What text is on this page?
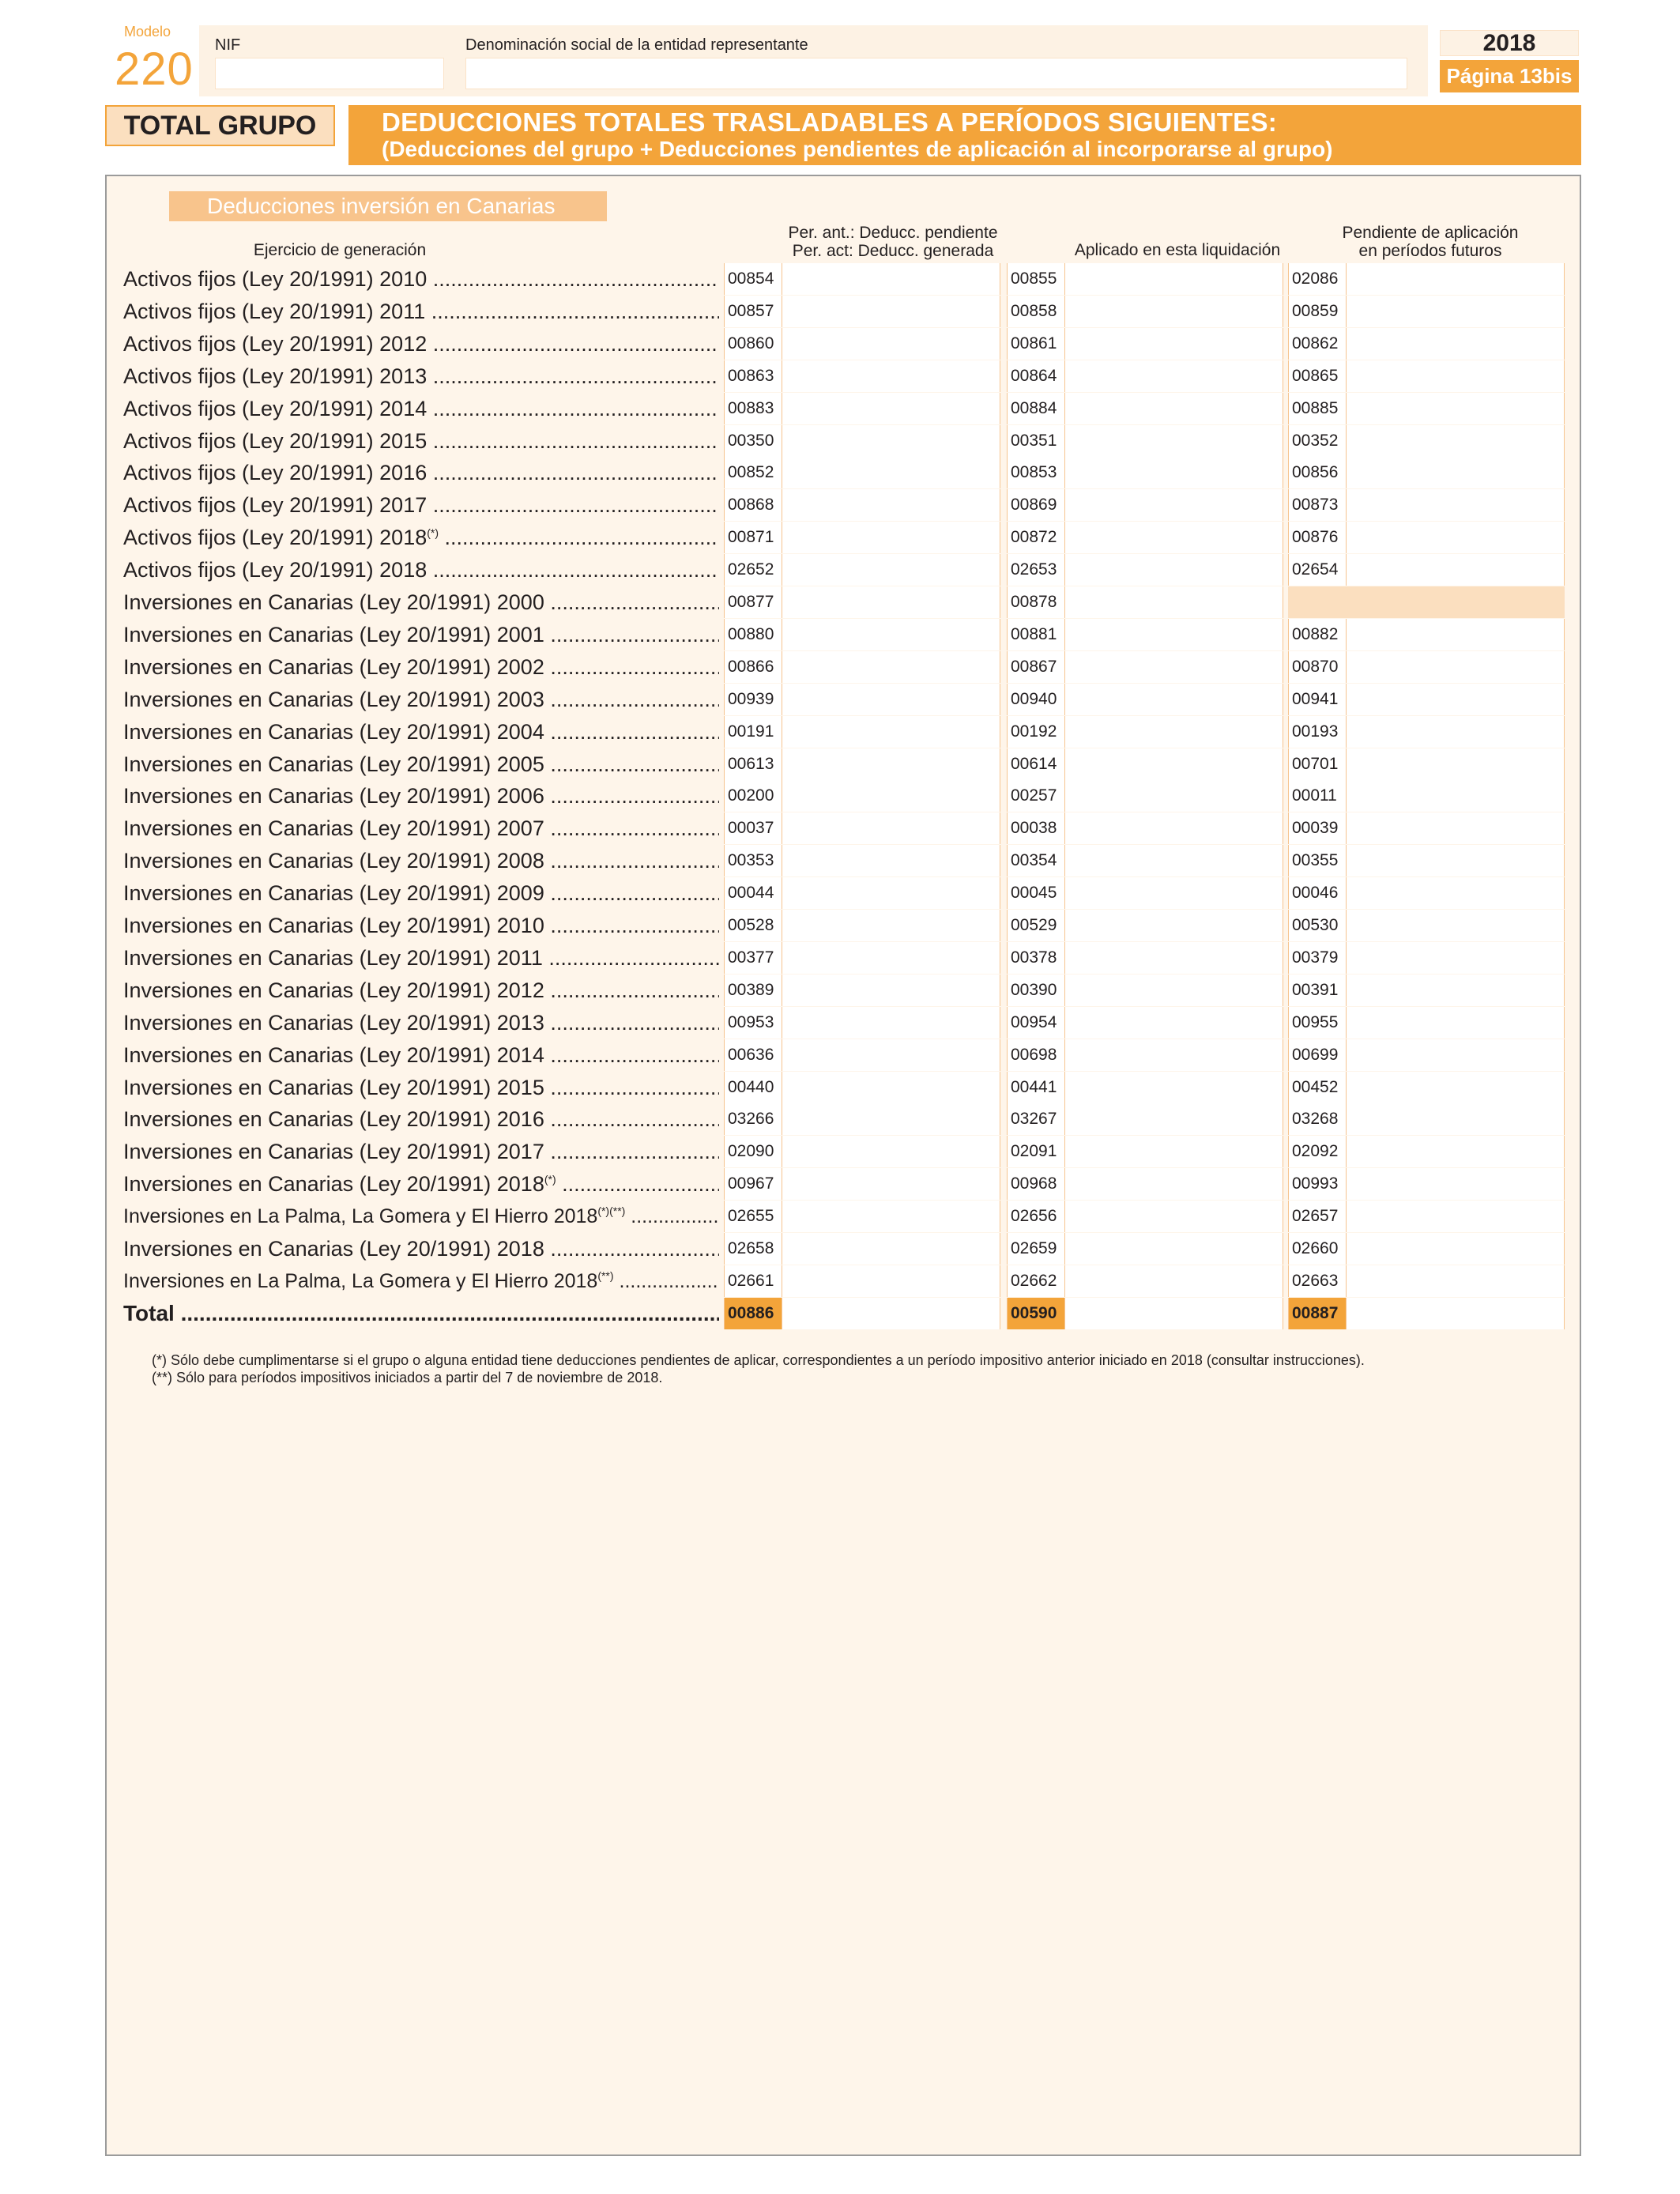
Modelo
220 NIF	Denominación social de la entidad representante	2018
Página 13bis
TOTAL GRUPO	DEDUCCIONES TOTALES TRASLADABLES A PERÍODOS SIGUIENTES:
(Deducciones del grupo + Deducciones pendientes de aplicación al incorporarse al grupo)
Deducciones inversión en Canarias
Ejercicio de generación
Per. ant.: Deducc. pendiente
Per. act: Deducc. generada	Aplicado en esta liquidación
Pendiente de aplicación
en períodos futuros
Activos fijos (Ley 20/1991) 2010 .....	00854	00855	02086
Activos fijos (Ley 20/1991) 2011 .....	00857	00858	00859
Activos fijos (Ley 20/1991) 2012 .....	00860	00861	00862
Activos fijos (Ley 20/1991) 2013 .....	00863	00864	00865
Activos fijos (Ley 20/1991) 2014 .....	00883	00884	00885
Activos fijos (Ley 20/1991) 2015 .....	00350	00351	00352
Activos fijos (Ley 20/1991) 2016 .....	00852	00853	00856
Activos fijos (Ley 20/1991) 2017 .....	00868	00869	00873
Activos fijos (Ley 20/1991) 2018(*) .....	00871	00872	00876
Activos fijos (Ley 20/1991) 2018 .....	02652	02653	02654
Inversiones en Canarias (Ley 20/1991) 2000 .....	00877	00878
Inversiones en Canarias (Ley 20/1991) 2001 .....	00880	00881	00882
Inversiones en Canarias (Ley 20/1991) 2002 .....	00866	00867	00870
Inversiones en Canarias (Ley 20/1991) 2003 .....	00939	00940	00941
Inversiones en Canarias (Ley 20/1991) 2004 .....	00191	00192	00193
Inversiones en Canarias (Ley 20/1991) 2005 .....	00613	00614	00701
Inversiones en Canarias (Ley 20/1991) 2006 .....	00200	00257	00011
Inversiones en Canarias (Ley 20/1991) 2007 .....	00037	00038	00039
Inversiones en Canarias (Ley 20/1991) 2008 .....	00353	00354	00355
Inversiones en Canarias (Ley 20/1991) 2009 .....	00044	00045	00046
Inversiones en Canarias (Ley 20/1991) 2010 .....	00528	00529	00530
Inversiones en Canarias (Ley 20/1991) 2011 .....	00377	00378	00379
Inversiones en Canarias (Ley 20/1991) 2012 .....	00389	00390	00391
Inversiones en Canarias (Ley 20/1991) 2013 .....	00953	00954	00955
Inversiones en Canarias (Ley 20/1991) 2014 .....	00636	00698	00699
Inversiones en Canarias (Ley 20/1991) 2015 .....	00440	00441	00452
Inversiones en Canarias (Ley 20/1991) 2016 .....	03266	03267	03268
Inversiones en Canarias (Ley 20/1991) 2017 .....	02090	02091	02092
Inversiones en Canarias (Ley 20/1991) 2018(*) .....	00967	00968	00993
Inversiones en La Palma, La Gomera y El Hierro 2018(*)(**) .....	02655	02656	02657
Inversiones en Canarias (Ley 20/1991) 2018 .....	02658	02659	02660
Inversiones en La Palma, La Gomera y El Hierro 2018(**) .....	02661	02662	02663
Total .....	00886	00590	00887
(*) Sólo debe cumplimentarse si el grupo o alguna entidad tiene deducciones pendientes de aplicar, correspondientes a un período impositivo anterior iniciado en 2018 (consultar instrucciones).
(**) Sólo para períodos impositivos iniciados a partir del 7 de noviembre de 2018.
